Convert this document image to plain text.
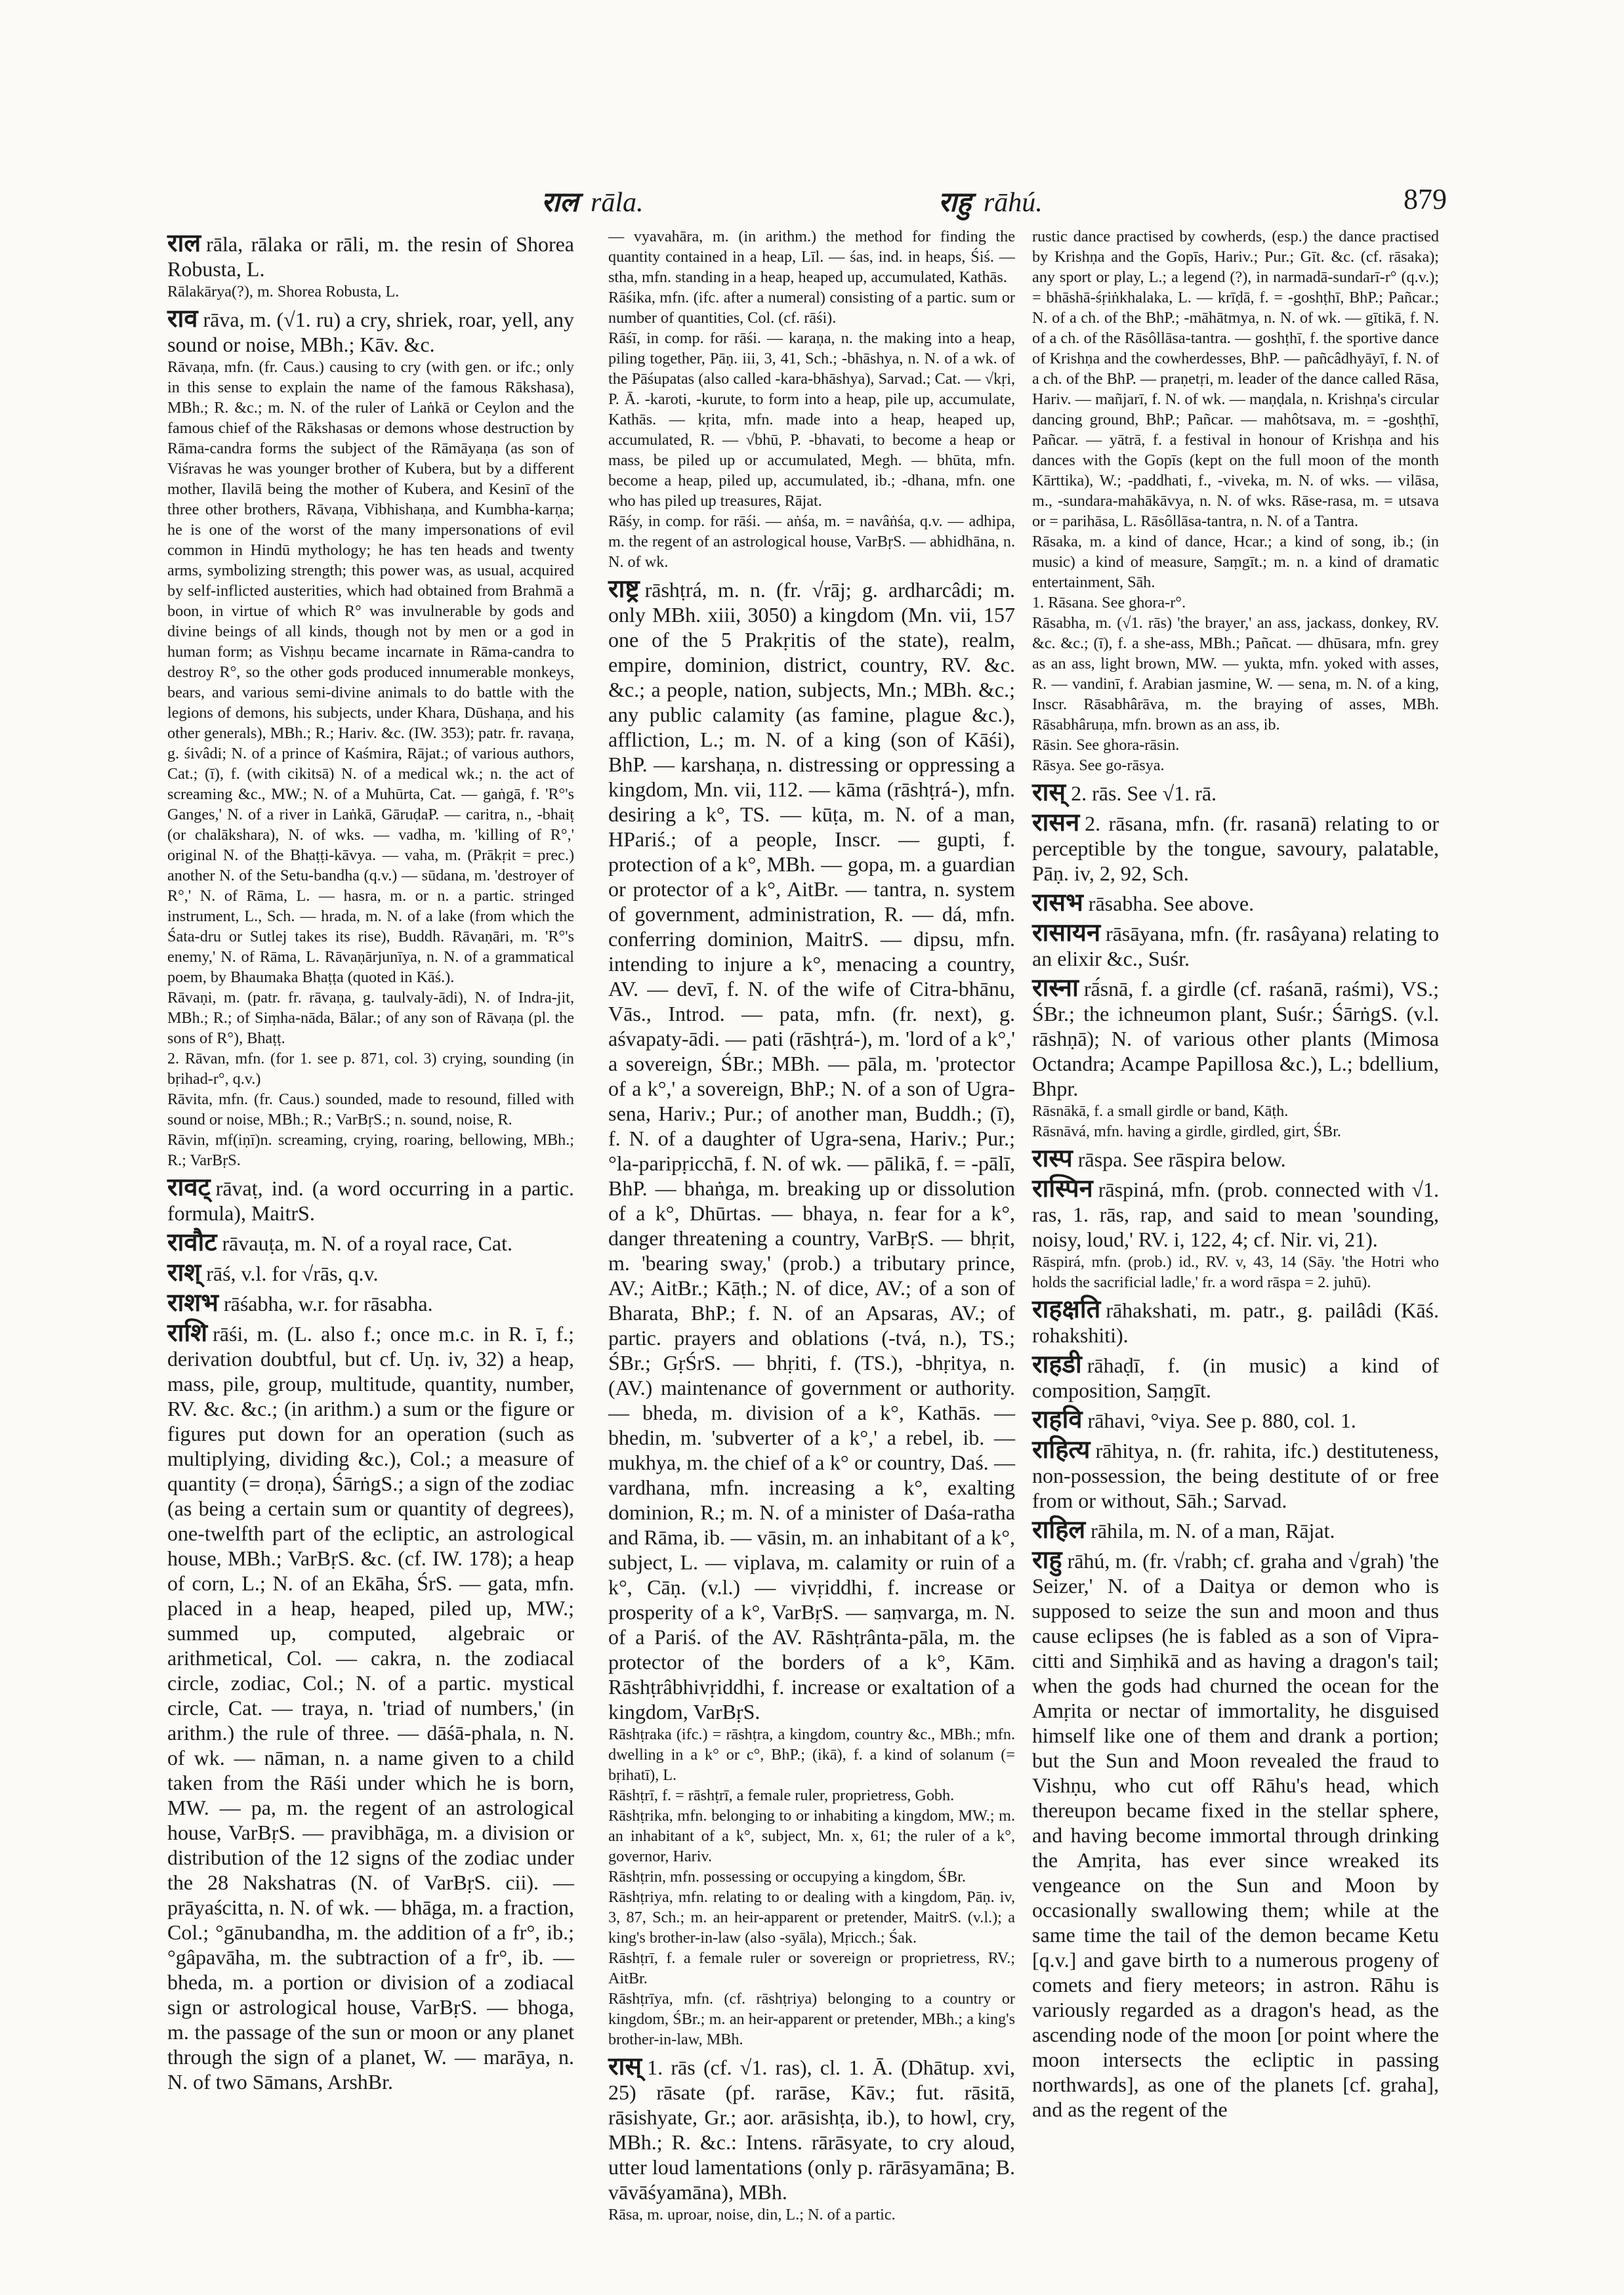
राल rāla.	राहु rāhú.	879

राल rāla, rālaka or rāli, m. the resin of Shorea Robusta, L.

Rālakārya(?), m. Shorea Robusta, L.

राव rāva, m. (√1. ru) a cry, shriek, roar, yell, any sound or noise, MBh.; Kāv. &c.

Rāvaṇa, mfn. (fr. Caus.) causing to cry (with gen. or ifc.; only in this sense to explain the name of the famous Rākshasa), MBh.; R. &c.; m. N. of the ruler of Laṅkā or Ceylon and the famous chief of the Rākshasas or demons whose destruction by Rāma-candra forms the subject of the Rāmāyaṇa (as son of Viśravas he was younger brother of Kubera, but by a different mother, Ilavilā being the mother of Kubera, and Kesinī of the three other brothers, Rāvaṇa, Vibhishaṇa, and Kumbha-karṇa; he is one of the worst of the many impersonations of evil common in Hindū mythology; he has ten heads and twenty arms, symbolizing strength; this power was, as usual, acquired by self-inflicted austerities, which had obtained from Brahmā a boon, in virtue of which R° was invulnerable by gods and divine beings of all kinds, though not by men or a god in human form; as Vishṇu became incarnate in Rāma-candra to destroy R°, so the other gods produced innumerable monkeys, bears, and various semi-divine animals to do battle with the legions of demons, his subjects, under Khara, Dūshaṇa, and his other generals), MBh.; R.; Hariv. &c. (IW. 353); patr. fr. ravaṇa, g. śivâdi; N. of a prince of Kaśmira, Rājat.; of various authors, Cat.; (ī), f. (with cikitsā) N. of a medical wk.; n. the act of screaming &c., MW.; N. of a Muhūrta, Cat. — gaṅgā, f. 'R°'s Ganges,' N. of a river in Laṅkā, GāruḍaP. — caritra, n., -bhaiṭ (or chalākshara), N. of wks. — vadha, m. 'killing of R°,' original N. of the Bhaṭṭi-kāvya. — vaha, m. (Prākṛit = prec.) another N. of the Setu-bandha (q.v.) — sūdana, m. 'destroyer of R°,' N. of Rāma, L. — hasra, m. or n. a partic. stringed instrument, L., Sch. — hrada, m. N. of a lake (from which the Śata-dru or Sutlej takes its rise), Buddh. Rāvaṇāri, m. 'R°'s enemy,' N. of Rāma, L. Rāvaṇārjunīya, n. N. of a grammatical poem, by Bhaumaka Bhaṭṭa (quoted in Kāś.).

Rāvaṇi, m. (patr. fr. rāvaṇa, g. taulvaly-ādi), N. of Indra-jit, MBh.; R.; of Siṃha-nāda, Bālar.; of any son of Rāvaṇa (pl. the sons of R°), Bhaṭṭ.

2. Rāvan, mfn. (for 1. see p. 871, col. 3) crying, sounding (in bṛihad-r°, q.v.)

Rāvita, mfn. (fr. Caus.) sounded, made to resound, filled with sound or noise, MBh.; R.; VarBṛS.; n. sound, noise, R.

Rāvin, mf(iṇī)n. screaming, crying, roaring, bellowing, MBh.; R.; VarBṛS.

रावट् rāvaṭ, ind. (a word occurring in a partic. formula), MaitrS.

रावौट rāvauṭa, m. N. of a royal race, Cat.

राश् rāś, v.l. for √rās, q.v.

राशभ rāśabha, w.r. for rāsabha.

राशि rāśi, m. (L. also f.; once m.c. in R. ī, f.; derivation doubtful, but cf. Uṇ. iv, 32) a heap, mass, pile, group, multitude, quantity, number, RV. &c. &c.; (in arithm.) a sum or the figure or figures put down for an operation (such as multiplying, dividing &c.), Col.; a measure of quantity (= droṇa), ŚārṅgS.; a sign of the zodiac (as being a certain sum or quantity of degrees), one-twelfth part of the ecliptic, an astrological house, MBh.; VarBṛS. &c. (cf. IW. 178); a heap of corn, L.; N. of an Ekāha, ŚrS. — gata, mfn. placed in a heap, heaped, piled up, MW.; summed up, computed, algebraic or arithmetical, Col. — cakra, n. the zodiacal circle, zodiac, Col.; N. of a partic. mystical circle, Cat. — traya, n. 'triad of numbers,' (in arithm.) the rule of three. — dāśā-phala, n. N. of wk. — nāman, n. a name given to a child taken from the Rāśi under which he is born, MW. — pa, m. the regent of an astrological house, VarBṛS. — pravibhāga, m. a division or distribution of the 12 signs of the zodiac under the 28 Nakshatras (N. of VarBṛS. cii). — prāyaścitta, n. N. of wk. — bhāga, m. a fraction, Col.; °gānubandha, m. the addition of a fr°, ib.; °gâpavāha, m. the subtraction of a fr°, ib. — bheda, m. a portion or division of a zodiacal sign or astrological house, VarBṛS. — bhoga, m. the passage of the sun or moon or any planet through the sign of a planet, W. — marāya, n. N. of two Sāmans, ArshBr.

— vyavahāra, m. (in arithm.) the method for finding the quantity contained in a heap, Līl. — śas, ind. in heaps, Śiś. — stha, mfn. standing in a heap, heaped up, accumulated, Kathās.

Rāśika, mfn. (ifc. after a numeral) consisting of a partic. sum or number of quantities, Col. (cf. rāśi).

Rāśī, in comp. for rāśi. — karaṇa, n. the making into a heap, piling together, Pāṇ. iii, 3, 41, Sch.; -bhāshya, n. N. of a wk. of the Pāśupatas (also called -kara-bhāshya), Sarvad.; Cat. — √kṛi, P. Ā. -karoti, -kurute, to form into a heap, pile up, accumulate, Kathās. — kṛita, mfn. made into a heap, heaped up, accumulated, R. — √bhū, P. -bhavati, to become a heap or mass, be piled up or accumulated, Megh. — bhūta, mfn. become a heap, piled up, accumulated, ib.; -dhana, mfn. one who has piled up treasures, Rājat.

Rāśy, in comp. for rāśi. — aṅśa, m. = navâṅśa, q.v. — adhipa, m. the regent of an astrological house, VarBṛS. — abhidhāna, n. N. of wk.

राष्ट्र rāshṭrá, m. n. (fr. √rāj; g. ardharcâdi; m. only MBh. xiii, 3050) a kingdom (Mn. vii, 157 one of the 5 Prakṛitis of the state), realm, empire, dominion, district, country, RV. &c. &c.; a people, nation, subjects, Mn.; MBh. &c.; any public calamity (as famine, plague &c.), affliction, L.; m. N. of a king (son of Kāśi), BhP. — karshaṇa, n. distressing or oppressing a kingdom, Mn. vii, 112. — kāma (rāshṭrá-), mfn. desiring a k°, TS. — kūṭa, m. N. of a man, HPariś.; of a people, Inscr. — gupti, f. protection of a k°, MBh. — gopa, m. a guardian or protector of a k°, AitBr. — tantra, n. system of government, administration, R. — dá, mfn. conferring dominion, MaitrS. — dipsu, mfn. intending to injure a k°, menacing a country, AV. — devī, f. N. of the wife of Citra-bhānu, Vās., Introd. — pata, mfn. (fr. next), g. aśvapaty-ādi. — pati (rāshṭrá-), m. 'lord of a k°,' a sovereign, ŚBr.; MBh. — pāla, m. 'protector of a k°,' a sovereign, BhP.; N. of a son of Ugra-sena, Hariv.; Pur.; of another man, Buddh.; (ī), f. N. of a daughter of Ugra-sena, Hariv.; Pur.; °la-paripṛicchā, f. N. of wk. — pālikā, f. = -pālī, BhP. — bhaṅga, m. breaking up or dissolution of a k°, Dhūrtas. — bhaya, n. fear for a k°, danger threatening a country, VarBṛS. — bhṛit, m. 'bearing sway,' (prob.) a tributary prince, AV.; AitBr.; Kāṭh.; N. of dice, AV.; of a son of Bharata, BhP.; f. N. of an Apsaras, AV.; of partic. prayers and oblations (-tvá, n.), TS.; ŚBr.; GṛŚrS. — bhṛiti, f. (TS.), -bhṛitya, n. (AV.) maintenance of government or authority. — bheda, m. division of a k°, Kathās. — bhedin, m. 'subverter of a k°,' a rebel, ib. — mukhya, m. the chief of a k° or country, Daś. — vardhana, mfn. increasing a k°, exalting dominion, R.; m. N. of a minister of Daśa-ratha and Rāma, ib. — vāsin, m. an inhabitant of a k°, subject, L. — viplava, m. calamity or ruin of a k°, Cāṇ. (v.l.) — vivṛiddhi, f. increase or prosperity of a k°, VarBṛS. — saṃvarga, m. N. of a Pariś. of the AV. Rāshṭrânta-pāla, m. the protector of the borders of a k°, Kām. Rāshṭrâbhivṛiddhi, f. increase or exaltation of a kingdom, VarBṛS.

Rāshṭraka (ifc.) = rāshṭra, a kingdom, country &c., MBh.; mfn. dwelling in a k° or c°, BhP.; (ikā), f. a kind of solanum (= bṛihatī), L.

Rāshṭrī, f. = rāshṭrī, a female ruler, proprietress, Gobh.

Rāshṭrika, mfn. belonging to or inhabiting a kingdom, MW.; m. an inhabitant of a k°, subject, Mn. x, 61; the ruler of a k°, governor, Hariv.

Rāshṭrin, mfn. possessing or occupying a kingdom, ŚBr.

Rāshṭriya, mfn. relating to or dealing with a kingdom, Pāṇ. iv, 3, 87, Sch.; m. an heir-apparent or pretender, MaitrS. (v.l.); a king's brother-in-law (also -syāla), Mṛicch.; Śak.

Rāshṭrī, f. a female ruler or sovereign or proprietress, RV.; AitBr.

Rāshṭrīya, mfn. (cf. rāshṭriya) belonging to a country or kingdom, ŚBr.; m. an heir-apparent or pretender, MBh.; a king's brother-in-law, MBh.

रास् 1. rās (cf. √1. ras), cl. 1. Ā. (Dhātup. xvi, 25) rāsate (pf. rarāse, Kāv.; fut. rāsitā, rāsishyate, Gr.; aor. arāsishṭa, ib.), to howl, cry, MBh.; R. &c.: Intens. rārāsyate, to cry aloud, utter loud lamentations (only p. rārāsyamāna; B. vāvāśyamāna), MBh.

Rāsa, m. uproar, noise, din, L.; N. of a partic.

rustic dance practised by cowherds, (esp.) the dance practised by Krishṇa and the Gopīs, Hariv.; Pur.; Gīt. &c. (cf. rāsaka); any sport or play, L.; a legend (?), in narmadā-sundarī-r° (q.v.); = bhāshā-śṛiṅkhalaka, L. — krīḍā, f. = -goshṭhī, BhP.; Pañcar.; N. of a ch. of the BhP.; -māhātmya, n. N. of wk. — gītikā, f. N. of a ch. of the Rāsôllāsa-tantra. — goshṭhī, f. the sportive dance of Krishṇa and the cowherdesses, BhP. — pañcâdhyāyī, f. N. of a ch. of the BhP. — praṇetṛi, m. leader of the dance called Rāsa, Hariv. — mañjarī, f. N. of wk. — maṇḍala, n. Krishṇa's circular dancing ground, BhP.; Pañcar. — mahôtsava, m. = -goshṭhī, Pañcar. — yātrā, f. a festival in honour of Krishṇa and his dances with the Gopīs (kept on the full moon of the month Kārttika), W.; -paddhati, f., -viveka, m. N. of wks. — vilāsa, m., -sundara-mahākāvya, n. N. of wks. Rāse-rasa, m. = utsava or = parihāsa, L. Rāsôllāsa-tantra, n. N. of a Tantra.

Rāsaka, m. a kind of dance, Hcar.; a kind of song, ib.; (in music) a kind of measure, Saṃgīt.; m. n. a kind of dramatic entertainment, Sāh.

1. Rāsana. See ghora-r°.

Rāsabha, m. (√1. rās) 'the brayer,' an ass, jackass, donkey, RV. &c. &c.; (ī), f. a she-ass, MBh.; Pañcat. — dhūsara, mfn. grey as an ass, light brown, MW. — yukta, mfn. yoked with asses, R. — vandinī, f. Arabian jasmine, W. — sena, m. N. of a king, Inscr. Rāsabhârāva, m. the braying of asses, MBh. Rāsabhâruṇa, mfn. brown as an ass, ib.

Rāsin. See ghora-rāsin.

Rāsya. See go-rāsya.

रास् 2. rās. See √1. rā.

रासन 2. rāsana, mfn. (fr. rasanā) relating to or perceptible by the tongue, savoury, palatable, Pāṇ. iv, 2, 92, Sch.

रासभ rāsabha. See above.

रासायन rāsāyana, mfn. (fr. rasâyana) relating to an elixir &c., Suśr.

रास्ना rā́snā, f. a girdle (cf. raśanā, raśmi), VS.; ŚBr.; the ichneumon plant, Suśr.; ŚārṅgS. (v.l. rāshṇā); N. of various other plants (Mimosa Octandra; Acampe Papillosa &c.), L.; bdellium, Bhpr.

Rāsnākā, f. a small girdle or band, Kāṭh.

Rāsnāvá, mfn. having a girdle, girdled, girt, ŚBr.

रास्प rāspa. See rāspira below.

रास्पिन rāspiná, mfn. (prob. connected with √1. ras, 1. rās, rap, and said to mean 'sounding, noisy, loud,' RV. i, 122, 4; cf. Nir. vi, 21).

Rāspirá, mfn. (prob.) id., RV. v, 43, 14 (Sāy. 'the Hotri who holds the sacrificial ladle,' fr. a word rāspa = 2. juhū).

राहक्षति rāhakshati, m. patr., g. pailâdi (Kāś. rohakshiti).

राहडी rāhaḍī, f. (in music) a kind of composition, Saṃgīt.

राहवि rāhavi, °viya. See p. 880, col. 1.

राहित्य rāhitya, n. (fr. rahita, ifc.) destituteness, non-possession, the being destitute of or free from or without, Sāh.; Sarvad.

राहिल rāhila, m. N. of a man, Rājat.

राहु rāhú, m. (fr. √rabh; cf. graha and √grah) 'the Seizer,' N. of a Daitya or demon who is supposed to seize the sun and moon and thus cause eclipses (he is fabled as a son of Vipra-citti and Siṃhikā and as having a dragon's tail; when the gods had churned the ocean for the Amṛita or nectar of immortality, he disguised himself like one of them and drank a portion; but the Sun and Moon revealed the fraud to Vishṇu, who cut off Rāhu's head, which thereupon became fixed in the stellar sphere, and having become immortal through drinking the Amṛita, has ever since wreaked its vengeance on the Sun and Moon by occasionally swallowing them; while at the same time the tail of the demon became Ketu [q.v.] and gave birth to a numerous progeny of comets and fiery meteors; in astron. Rāhu is variously regarded as a dragon's head, as the ascending node of the moon [or point where the moon intersects the ecliptic in passing northwards], as one of the planets [cf. graha], and as the regent of the
